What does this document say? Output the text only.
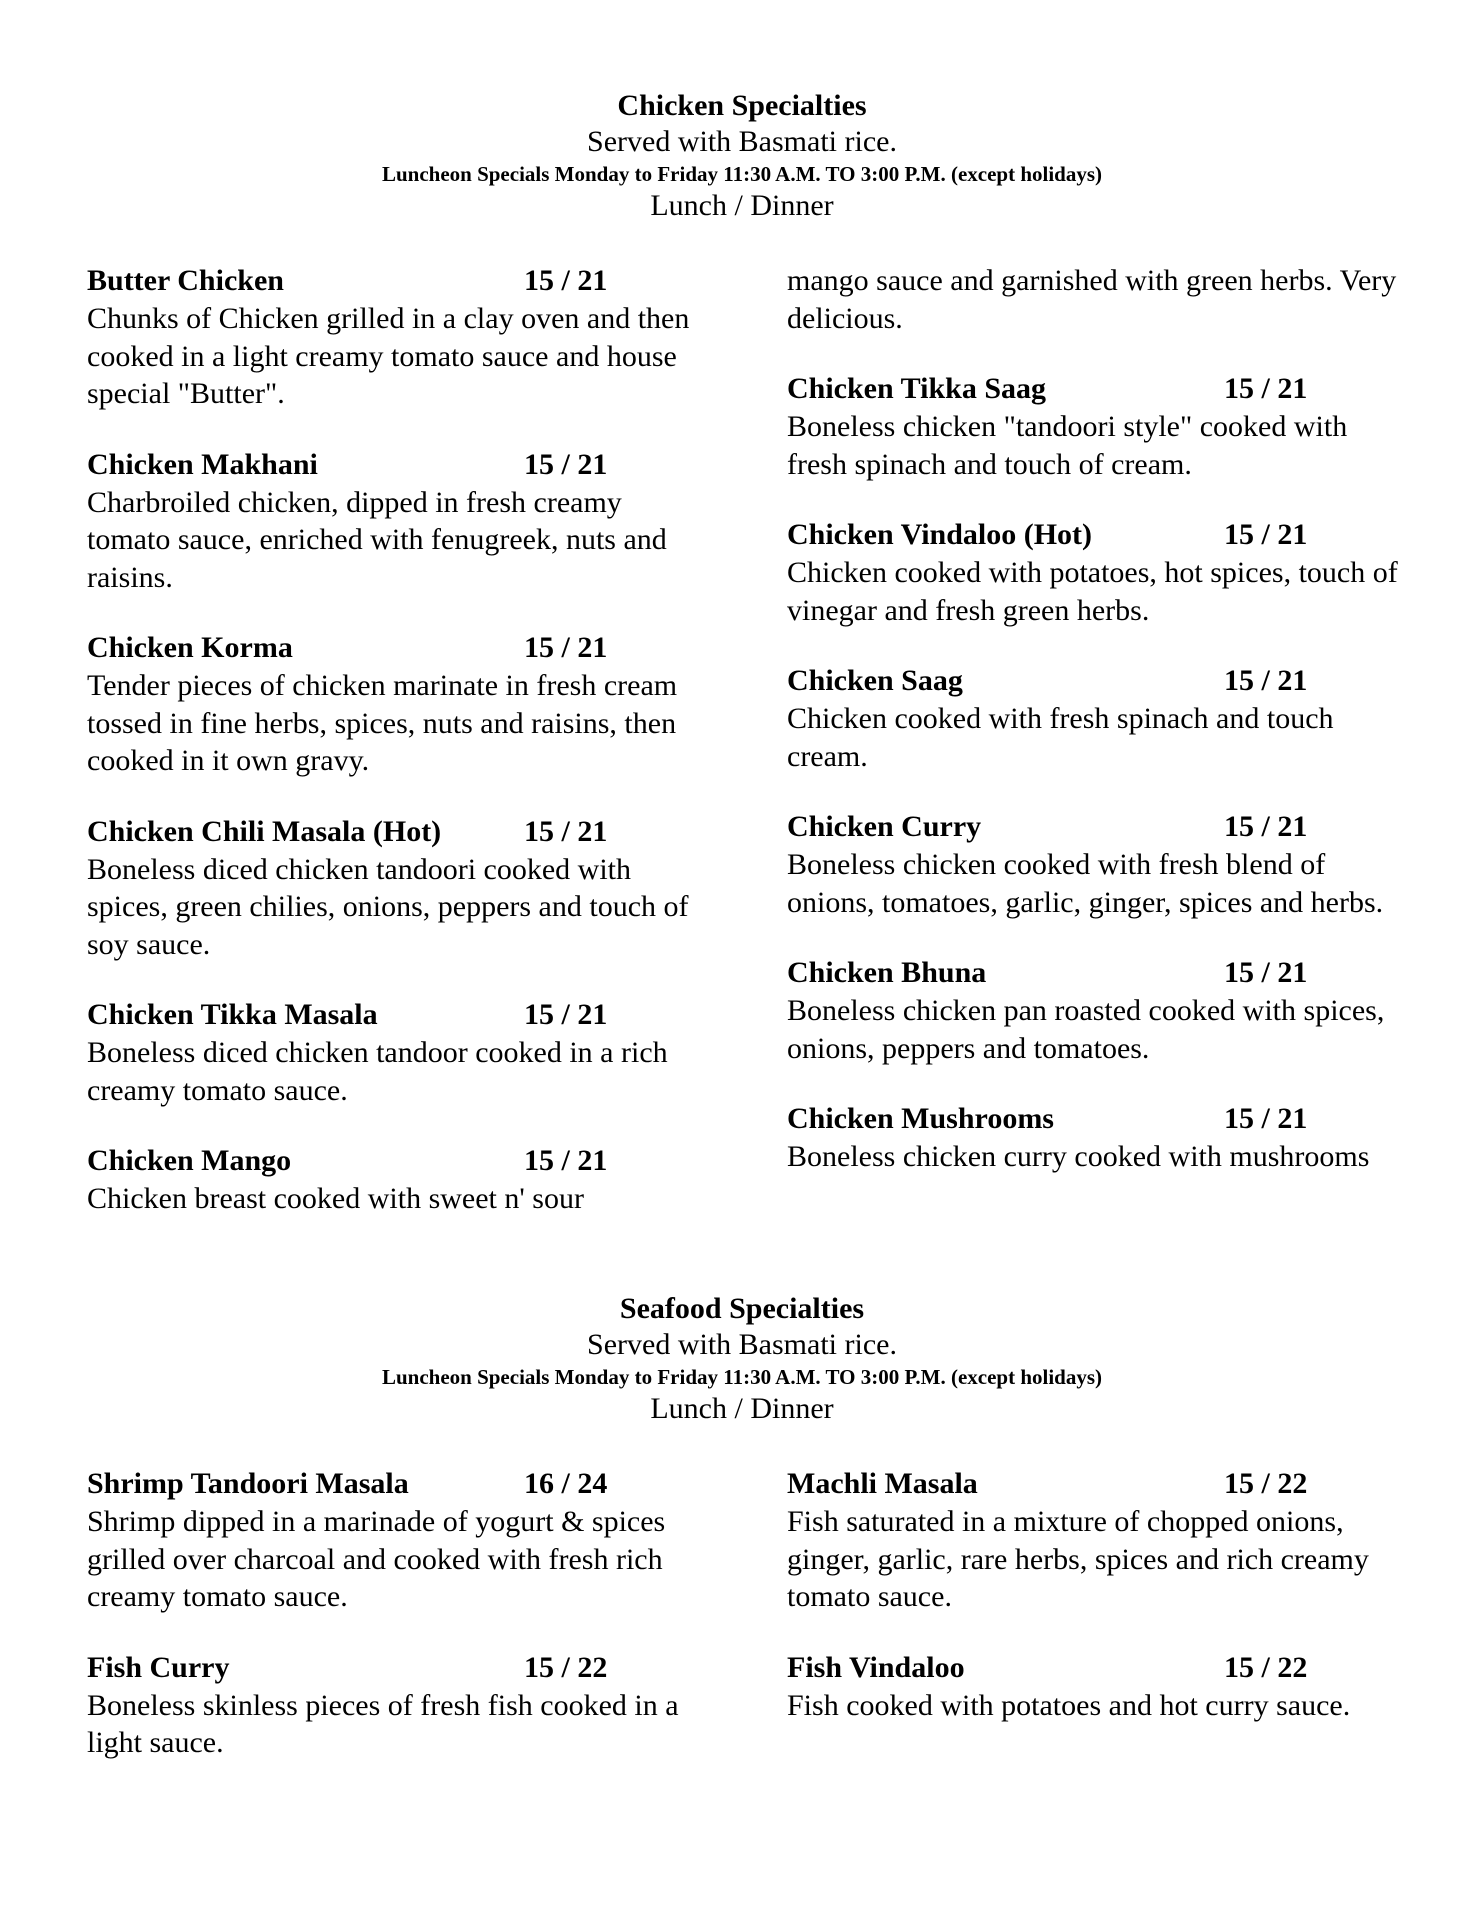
Chicken Specialties
Served with Basmati rice.
Luncheon Specials Monday to Friday 11:30 A.M. TO 3:00 P.M. (except holidays)
Lunch / Dinner
Butter Chicken	15 / 21
Chunks of Chicken grilled in a clay oven and then cooked in a light creamy tomato sauce and house special "Butter".
Chicken Makhani	15 / 21
Charbroiled chicken, dipped in fresh creamy tomato sauce, enriched with fenugreek, nuts and raisins.
Chicken Korma	15 / 21
Tender pieces of chicken marinate in fresh cream tossed in fine herbs, spices, nuts and raisins, then cooked in it own gravy.
Chicken Chili Masala (Hot)	15 / 21
Boneless diced chicken tandoori cooked with spices, green chilies, onions, peppers and touch of soy sauce.
Chicken Tikka Masala	15 / 21
Boneless diced chicken tandoor cooked in a rich creamy tomato sauce.
Chicken Mango	15 / 21
Chicken breast cooked with sweet n' sour
mango sauce and garnished with green herbs. Very delicious.
Chicken Tikka Saag	15 / 21
Boneless chicken "tandoori style" cooked with fresh spinach and touch of cream.
Chicken Vindaloo (Hot)	15 / 21
Chicken cooked with potatoes, hot spices, touch of vinegar and fresh green herbs.
Chicken Saag	15 / 21
Chicken cooked with fresh spinach and touch cream.
Chicken Curry	15 / 21
Boneless chicken cooked with fresh blend of onions, tomatoes, garlic, ginger, spices and herbs.
Chicken Bhuna	15 / 21
Boneless chicken pan roasted cooked with spices, onions, peppers and tomatoes.
Chicken Mushrooms	15 / 21
Boneless chicken curry cooked with mushrooms
Seafood Specialties
Served with Basmati rice.
Luncheon Specials Monday to Friday 11:30 A.M. TO 3:00 P.M. (except holidays)
Lunch / Dinner
Shrimp Tandoori Masala	16 / 24
Shrimp dipped in a marinade of yogurt & spices grilled over charcoal and cooked with fresh rich creamy tomato sauce.
Fish Curry	15 / 22
Boneless skinless pieces of fresh fish cooked in a light sauce.
Machli Masala	15 / 22
Fish saturated in a mixture of chopped onions, ginger, garlic, rare herbs, spices and rich creamy tomato sauce.
Fish Vindaloo	15 / 22
Fish cooked with potatoes and hot curry sauce.
